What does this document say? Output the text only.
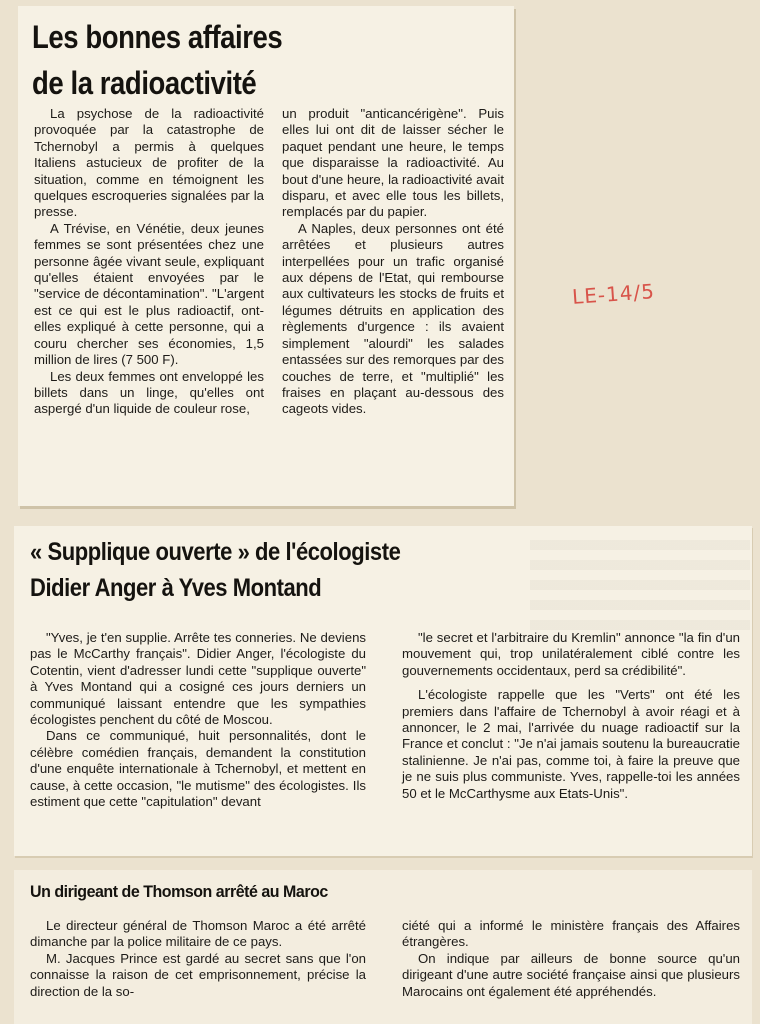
Les bonnes affaires
de la radioactivité

La psychose de la radioactivité provoquée par la catastrophe de Tchernobyl a permis à quelques Italiens astucieux de profiter de la situation, comme en témoignent les quelques escroqueries signalées par la presse.

A Trévise, en Vénétie, deux jeunes femmes se sont présentées chez une personne âgée vivant seule, expliquant qu'elles étaient envoyées par le "service de décontamination". "L'argent est ce qui est le plus radioactif, ont-elles expliqué à cette personne, qui a couru chercher ses économies, 1,5 million de lires (7 500 F).

Les deux femmes ont enveloppé les billets dans un linge, qu'elles ont aspergé d'un liquide de couleur rose,

un produit "anticancérigène". Puis elles lui ont dit de laisser sécher le paquet pendant une heure, le temps que disparaisse la radioactivité. Au bout d'une heure, la radioactivité avait disparu, et avec elle tous les billets, remplacés par du papier.

A Naples, deux personnes ont été arrêtées et plusieurs autres interpellées pour un trafic organisé aux dépens de l'Etat, qui rembourse aux cultivateurs les stocks de fruits et légumes détruits en application des règlements d'urgence : ils avaient simplement "alourdi" les salades entassées sur des remorques par des couches de terre, et "multiplié" les fraises en plaçant au-dessous des cageots vides.

LE-14/5
« Supplique ouverte » de l'écologiste
Didier Anger à Yves Montand

"Yves, je t'en supplie. Arrête tes conneries. Ne deviens pas le McCarthy français". Didier Anger, l'écologiste du Cotentin, vient d'adresser lundi cette "supplique ouverte" à Yves Montand qui a cosigné ces jours derniers un communiqué laissant entendre que les sympathies écologistes penchent du côté de Moscou.

Dans ce communiqué, huit personnalités, dont le célèbre comédien français, demandent la constitution d'une enquête internationale à Tchernobyl, et mettent en cause, à cette occasion, "le mutisme" des écologistes. Ils estiment que cette "capitulation" devant

"le secret et l'arbitraire du Kremlin" annonce "la fin d'un mouvement qui, trop unilatéralement ciblé contre les gouvernements occidentaux, perd sa crédibilité".

L'écologiste rappelle que les "Verts" ont été les premiers dans l'affaire de Tchernobyl à avoir réagi et à annoncer, le 2 mai, l'arrivée du nuage radioactif sur la France et conclut : "Je n'ai jamais soutenu la bureaucratie stalinienne. Je n'ai pas, comme toi, à faire la preuve que je ne suis plus communiste. Yves, rappelle-toi les années 50 et le McCarthysme aux Etats-Unis".

Un dirigeant de Thomson arrêté au Maroc

Le directeur général de Thomson Maroc a été arrêté dimanche par la police militaire de ce pays.

M. Jacques Prince est gardé au secret sans que l'on connaisse la raison de cet emprisonnement, précise la direction de la so-

ciété qui a informé le ministère français des Affaires étrangères.

On indique par ailleurs de bonne source qu'un dirigeant d'une autre société française ainsi que plusieurs Marocains ont également été appréhendés.
